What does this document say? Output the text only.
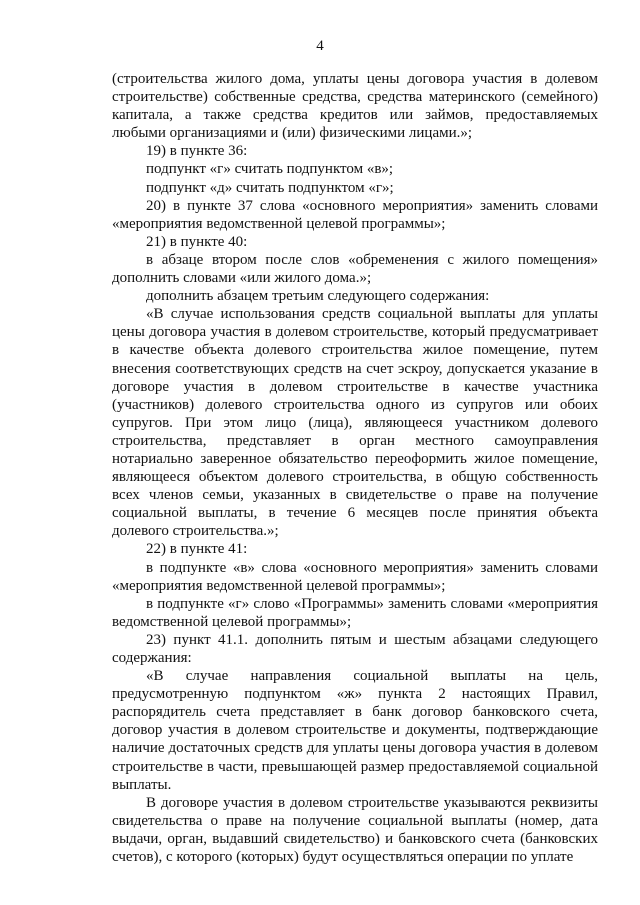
4

(строительства жилого дома, уплаты цены договора участия в долевом строительстве) собственные средства, средства материнского (семейного) капитала, а также средства кредитов или займов, предоставляемых любыми организациями и (или) физическими лицами.»;

19) в пункте 36:

подпункт «г» считать подпунктом «в»;

подпункт «д» считать подпунктом «г»;

20) в пункте 37 слова «основного мероприятия» заменить словами «мероприятия ведомственной целевой программы»;

21) в пункте 40:

в абзаце втором после слов «обременения с жилого помещения» дополнить словами «или жилого дома.»;

дополнить абзацем третьим следующего содержания:

«В случае использования средств социальной выплаты для уплаты цены договора участия в долевом строительстве, который предусматривает в качестве объекта долевого строительства жилое помещение, путем внесения соответствующих средств на счет эскроу, допускается указание в договоре участия в долевом строительстве в качестве участника (участников) долевого строительства одного из супругов или обоих супругов. При этом лицо (лица), являющееся участником долевого строительства, представляет в орган местного самоуправления нотариально заверенное обязательство переоформить жилое помещение, являющееся объектом долевого строительства, в общую собственность всех членов семьи, указанных в свидетельстве о праве на получение социальной выплаты, в течение 6 месяцев после принятия объекта долевого строительства.»;

22) в пункте 41:

в подпункте «в» слова «основного мероприятия» заменить словами «мероприятия ведомственной целевой программы»;

в подпункте «г» слово «Программы» заменить словами «мероприятия ведомственной целевой программы»;

23) пункт 41.1. дополнить пятым и шестым абзацами следующего содержания:

«В случае направления социальной выплаты на цель, предусмотренную подпунктом «ж» пункта 2 настоящих Правил, распорядитель счета представляет в банк договор банковского счета, договор участия в долевом строительстве и документы, подтверждающие наличие достаточных средств для уплаты цены договора участия в долевом строительстве в части, превышающей размер предоставляемой социальной выплаты.

В договоре участия в долевом строительстве указываются реквизиты свидетельства о праве на получение социальной выплаты (номер, дата выдачи, орган, выдавший свидетельство) и банковского счета (банковских счетов), с которого (которых) будут осуществляться операции по уплате
